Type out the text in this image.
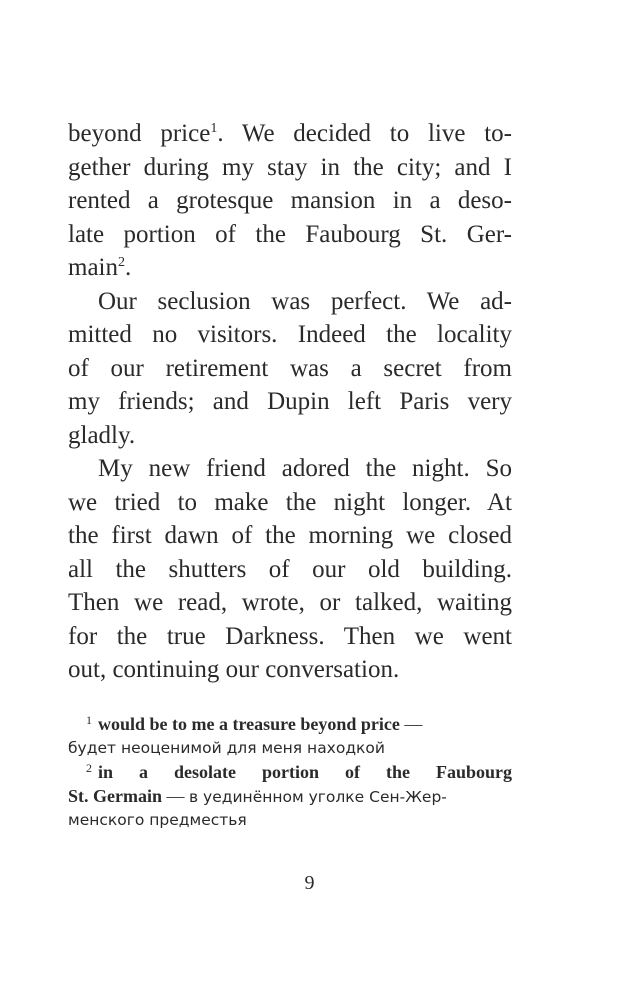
beyond price$^1$. We decided to live to-
gether during my stay in the city; and I
rented a grotesque mansion in a deso-
late portion of the Faubourg St. Ger-
main$^2$.
Our seclusion was perfect. We ad-
mitted no visitors. Indeed the locality
of our retirement was a secret from
my friends; and Dupin left Paris very
gladly.
My new friend adored the night. So
we tried to make the night longer. At
the first dawn of the morning we closed
all the shutters of our old building.
Then we read, wrote, or talked, waiting
for the true Darkness. Then we went
out, continuing our conversation.
$^1$ would be to me a treasure beyond price —
будет неоценимой для меня находкой
$^2$ in a desolate portion of the Faubourg
St. Germain — в уединённом уголке Сен-Жер-
менского предместья
9
